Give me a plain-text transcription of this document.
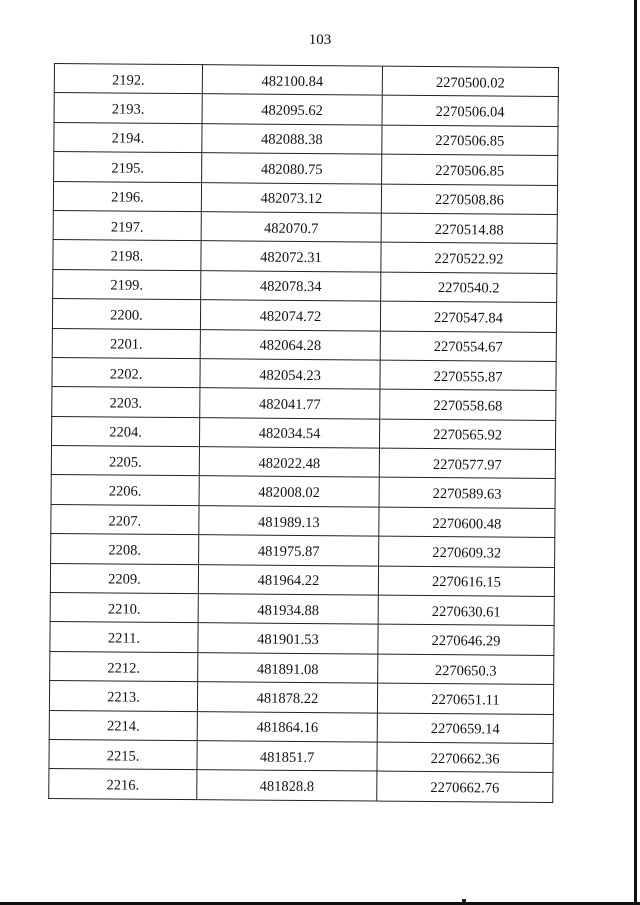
103
2192.	482100.84	2270500.02
2193.	482095.62	2270506.04
2194.	482088.38	2270506.85
2195.	482080.75	2270506.85
2196.	482073.12	2270508.86
2197.	482070.7	2270514.88
2198.	482072.31	2270522.92
2199.	482078.34	2270540.2
2200.	482074.72	2270547.84
2201.	482064.28	2270554.67
2202.	482054.23	2270555.87
2203.	482041.77	2270558.68
2204.	482034.54	2270565.92
2205.	482022.48	2270577.97
2206.	482008.02	2270589.63
2207.	481989.13	2270600.48
2208.	481975.87	2270609.32
2209.	481964.22	2270616.15
2210.	481934.88	2270630.61
2211.	481901.53	2270646.29
2212.	481891.08	2270650.3
2213.	481878.22	2270651.11
2214.	481864.16	2270659.14
2215.	481851.7	2270662.36
2216.	481828.8	2270662.76
